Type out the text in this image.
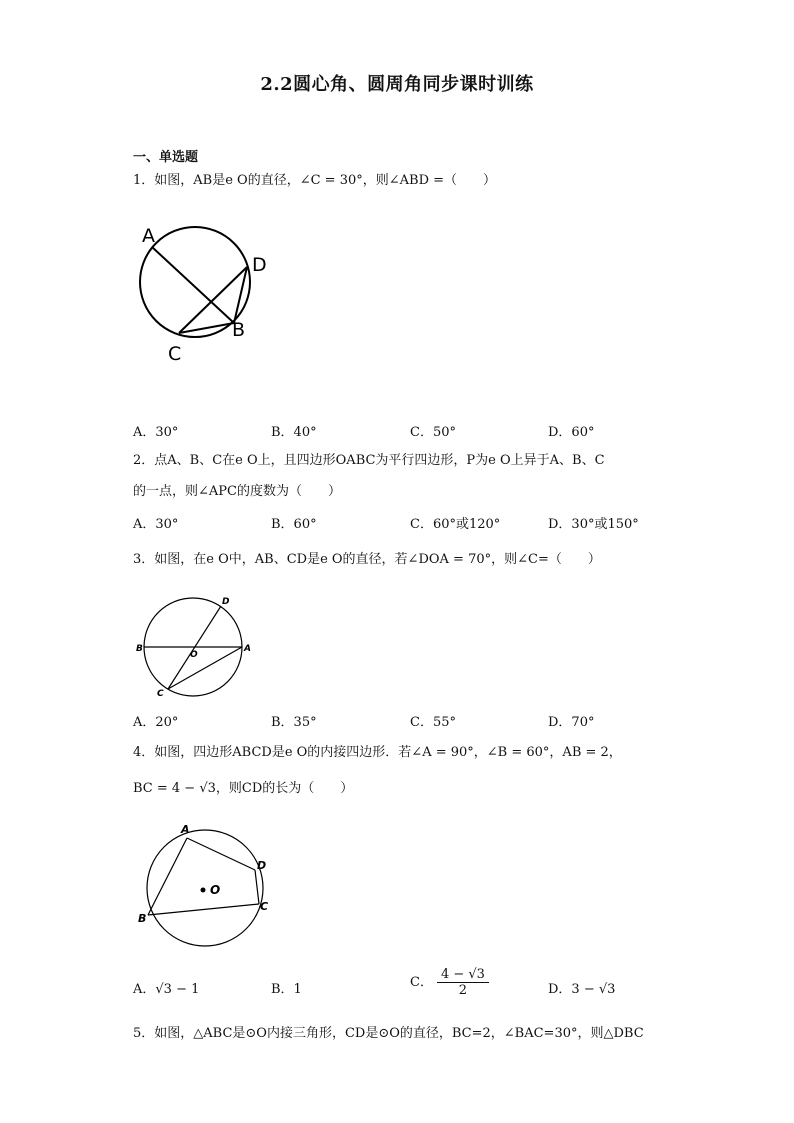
2.2圆心角、圆周角同步课时训练
一、单选题
1．如图，AB是e O的直径，∠C = 30°，则∠ABD =（　　）
A
D
B
C
A．30°	B．40°	C．50°	D．60°
2．点A、B、C在e O上，且四边形OABC为平行四边形，P为e O上异于A、B、C
的一点，则∠APC的度数为（　　）
A．30°	B．60°	C．60°或120°	D．30°或150°
3．如图，在e O中，AB、CD是e O的直径，若∠DOA = 70°，则∠C=（　　）
D
B	A
O
C
A．20°	B．35°	C．55°	D．70°
4．如图，四边形ABCD是e O的内接四边形．若∠A = 90°，∠B = 60°，AB = 2，
BC = 4 − √3，则CD的长为（　　）
A
D
O
C
B
A．√3 − 1	B．1	C． $\frac{4 - √3}{2}$	D．3 − √3
5．如图，△ABC是⊙O内接三角形，CD是⊙O的直径，BC=2，∠BAC=30°，则△DBC
